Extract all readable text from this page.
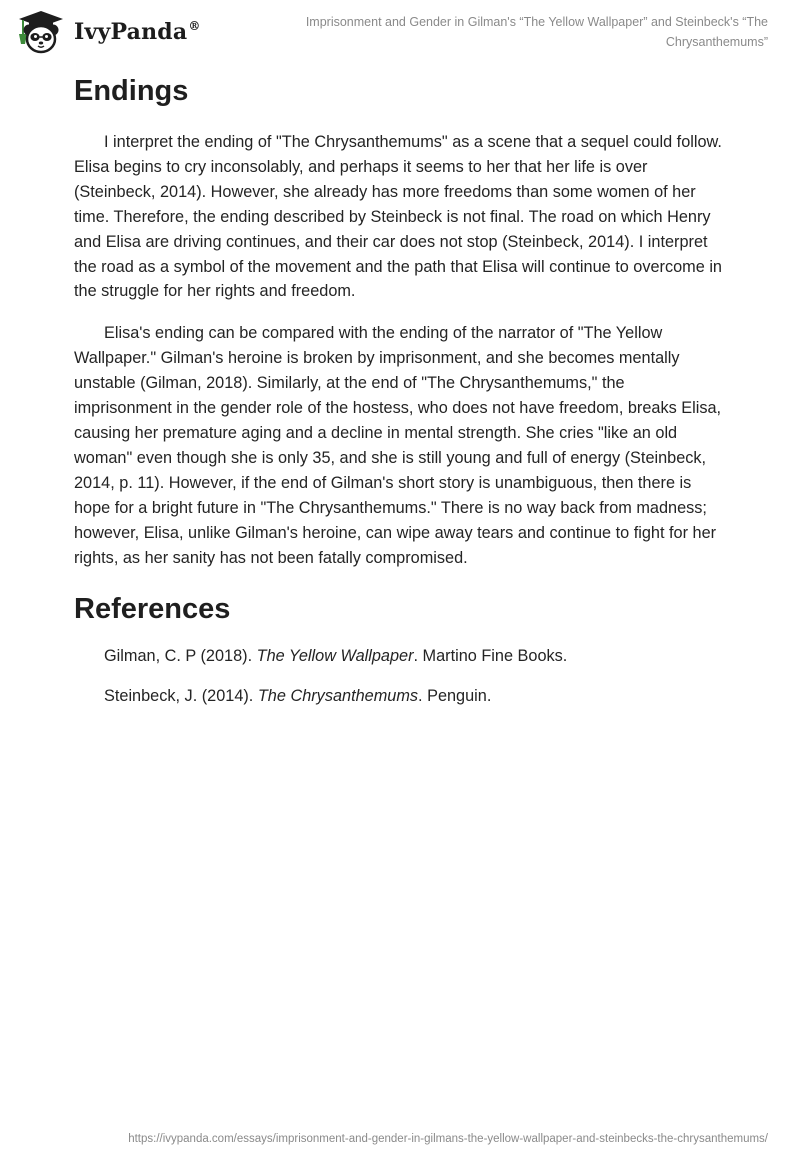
IvyPanda®	Imprisonment and Gender in Gilman's “The Yellow Wallpaper” and Steinbeck's “The Chrysanthemums”
Endings

I interpret the ending of "The Chrysanthemums" as a scene that a sequel could follow. Elisa begins to cry inconsolably, and perhaps it seems to her that her life is over (Steinbeck, 2014). However, she already has more freedoms than some women of her time. Therefore, the ending described by Steinbeck is not final. The road on which Henry and Elisa are driving continues, and their car does not stop (Steinbeck, 2014). I interpret the road as a symbol of the movement and the path that Elisa will continue to overcome in the struggle for her rights and freedom.

Elisa's ending can be compared with the ending of the narrator of "The Yellow Wallpaper." Gilman's heroine is broken by imprisonment, and she becomes mentally unstable (Gilman, 2018). Similarly, at the end of "The Chrysanthemums," the imprisonment in the gender role of the hostess, who does not have freedom, breaks Elisa, causing her premature aging and a decline in mental strength. She cries "like an old woman" even though she is only 35, and she is still young and full of energy (Steinbeck, 2014, p. 11). However, if the end of Gilman's short story is unambiguous, then there is hope for a bright future in "The Chrysanthemums." There is no way back from madness; however, Elisa, unlike Gilman's heroine, can wipe away tears and continue to fight for her rights, as her sanity has not been fatally compromised.

References
Gilman, C. P (2018). The Yellow Wallpaper. Martino Fine Books.
Steinbeck, J. (2014). The Chrysanthemums. Penguin.
https://ivypanda.com/essays/imprisonment-and-gender-in-gilmans-the-yellow-wallpaper-and-steinbecks-the-chrysanthemums/
